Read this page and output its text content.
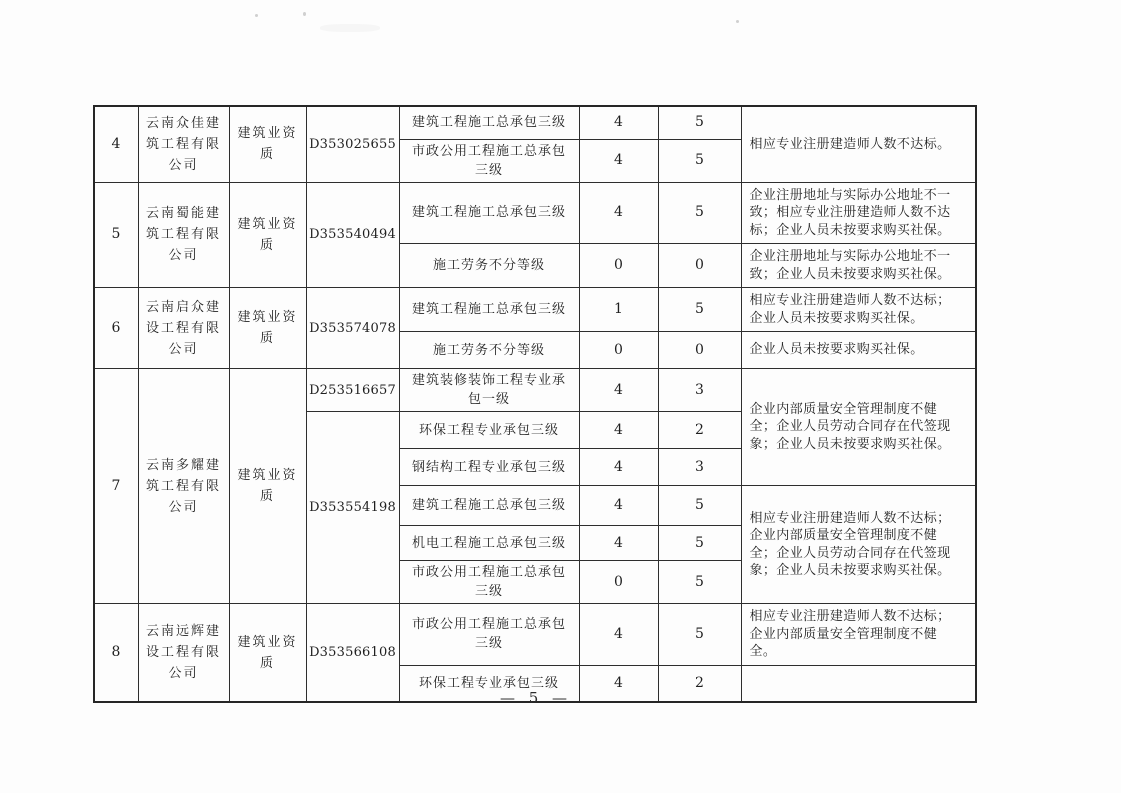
4	云南众佳建筑工程有限公司	建筑业资质	D353025655	建筑工程施工总承包三级	4	5	相应专业注册建造师人数不达标。
				市政公用工程施工总承包三级	4	5	
5	云南蜀能建筑工程有限公司	建筑业资质	D353540494	建筑工程施工总承包三级	4	5	企业注册地址与实际办公地址不一致；相应专业注册建造师人数不达标；企业人员未按要求购买社保。
				施工劳务不分等级	0	0	企业注册地址与实际办公地址不一致；企业人员未按要求购买社保。
6	云南启众建设工程有限公司	建筑业资质	D353574078	建筑工程施工总承包三级	1	5	相应专业注册建造师人数不达标；企业人员未按要求购买社保。
				施工劳务不分等级	0	0	企业人员未按要求购买社保。
7	云南多耀建筑工程有限公司	建筑业资质	D253516657	建筑装修装饰工程专业承包一级	4	3	企业内部质量安全管理制度不健全；企业人员劳动合同存在代签现象；企业人员未按要求购买社保。
			D353554198	环保工程专业承包三级	4	2	
				钢结构工程专业承包三级	4	3	
				建筑工程施工总承包三级	4	5	相应专业注册建造师人数不达标；企业内部质量安全管理制度不健全；企业人员劳动合同存在代签现象；企业人员未按要求购买社保。
				机电工程施工总承包三级	4	5	
				市政公用工程施工总承包三级	0	5	
8	云南远辉建设工程有限公司	建筑业资质	D353566108	市政公用工程施工总承包三级	4	5	相应专业注册建造师人数不达标；企业内部质量安全管理制度不健全。
				环保工程专业承包三级	4	2	
— 5 —
